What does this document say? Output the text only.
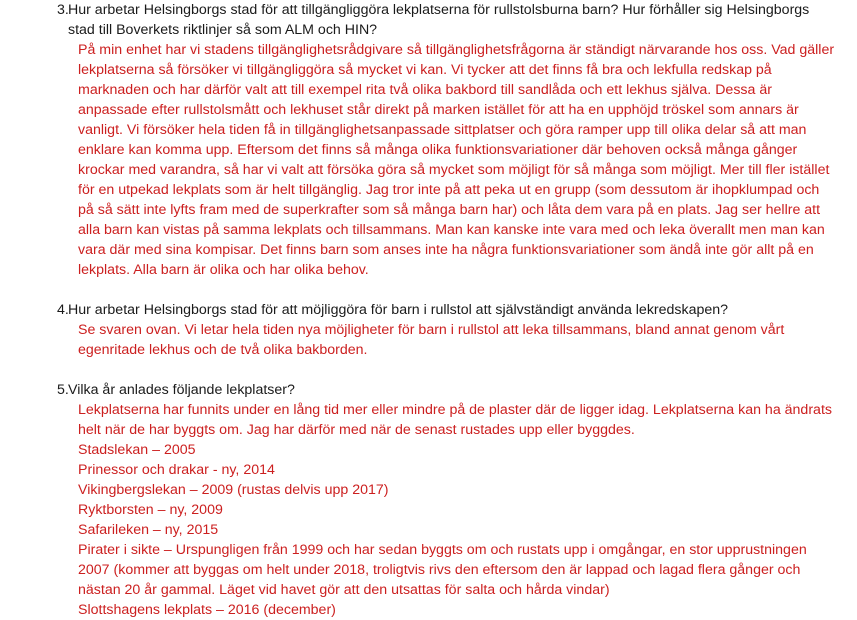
3. Hur arbetar Helsingborgs stad för att tillgängliggöra lekplatserna för rullstolsburna barn? Hur förhåller sig Helsingborgs stad till Boverkets riktlinjer så som ALM och HIN?

På min enhet har vi stadens tillgänglighetsrådgivare så tillgänglighetsfrågorna är ständigt närvarande hos oss. Vad gäller lekplatserna så försöker vi tillgängliggöra så mycket vi kan. Vi tycker att det finns få bra och lekfulla redskap på marknaden och har därför valt att till exempel rita två olika bakbord till sandlåda och ett lekhus själva. Dessa är anpassade efter rullstolsmått och lekhuset står direkt på marken istället för att ha en upphöjd tröskel som annars är vanligt. Vi försöker hela tiden få in tillgänglighetsanpassade sittplatser och göra ramper upp till olika delar så att man enklare kan komma upp. Eftersom det finns så många olika funktionsvariationer där behoven också många gånger krockar med varandra, så har vi valt att försöka göra så mycket som möjligt för så många som möjligt. Mer till fler istället för en utpekad lekplats som är helt tillgänglig. Jag tror inte på att peka ut en grupp (som dessutom är ihopklumpad och på så sätt inte lyfts fram med de superkrafter som så många barn har) och låta dem vara på en plats. Jag ser hellre att alla barn kan vistas på samma lekplats och tillsammans. Man kan kanske inte vara med och leka överallt men man kan vara där med sina kompisar. Det finns barn som anses inte ha några funktionsvariationer som ändå inte gör allt på en lekplats. Alla barn är olika och har olika behov.

4. Hur arbetar Helsingborgs stad för att möjliggöra för barn i rullstol att självständigt använda lekredskapen?

Se svaren ovan. Vi letar hela tiden nya möjligheter för barn i rullstol att leka tillsammans, bland annat genom vårt egenritade lekhus och de två olika bakborden.

5. Vilka år anlades följande lekplatser?

Lekplatserna har funnits under en lång tid mer eller mindre på de plaster där de ligger idag. Lekplatserna kan ha ändrats helt när de har byggts om. Jag har därför med när de senast rustades upp eller byggdes.

Stadslekan – 2005

Prinessor och drakar - ny, 2014

Vikingbergslekan – 2009 (rustas delvis upp 2017)

Ryktborsten – ny, 2009

Safarileken – ny, 2015

Pirater i sikte – Urspungligen från 1999 och har sedan byggts om och rustats upp i omgångar, en stor upprustningen 2007 (kommer att byggas om helt under 2018, troligtvis rivs den eftersom den är lappad och lagad flera gånger och nästan 20 år gammal. Läget vid havet gör att den utsattas för salta och hårda vindar)

Slottshagens lekplats – 2016 (december)
